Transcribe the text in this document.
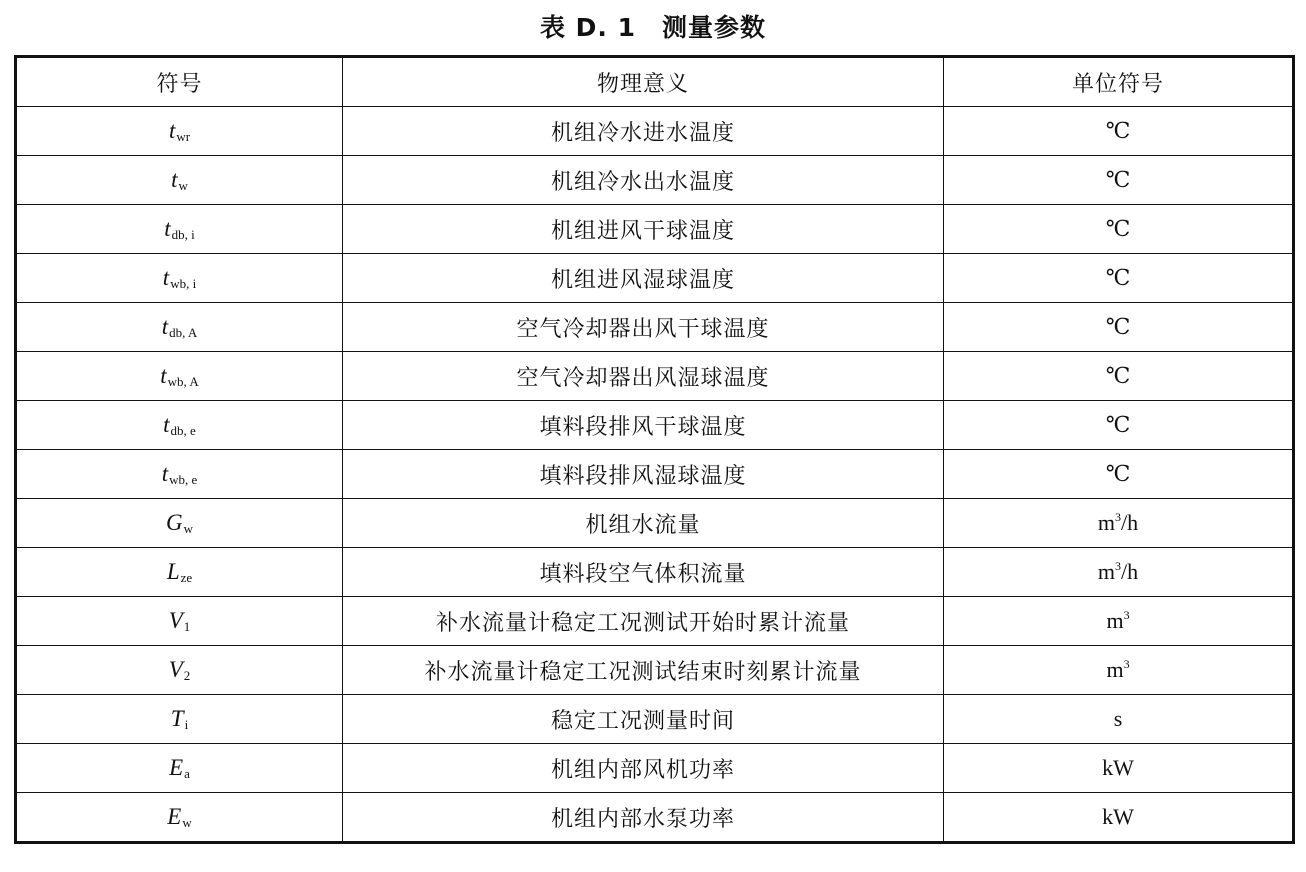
表 D. 1 测量参数
符号	物理意义	单位符号
$t_{wr}$	机组冷水进水温度	℃
$t_w$	机组冷水出水温度	℃
$t_{db, i}$	机组进风干球温度	℃
$t_{wb, i}$	机组进风湿球温度	℃
$t_{db, A}$	空气冷却器出风干球温度	℃
$t_{wb, A}$	空气冷却器出风湿球温度	℃
$t_{db, e}$	填料段排风干球温度	℃
$t_{wb, e}$	填料段排风湿球温度	℃
$G_w$	机组水流量	$m^3/h$
$L_{ze}$	填料段空气体积流量	$m^3/h$
$V_1$	补水流量计稳定工况测试开始时累计流量	$m^3$
$V_2$	补水流量计稳定工况测试结束时刻累计流量	$m^3$
$T_i$	稳定工况测量时间	s
$E_a$	机组内部风机功率	kW
$E_w$	机组内部水泵功率	kW
